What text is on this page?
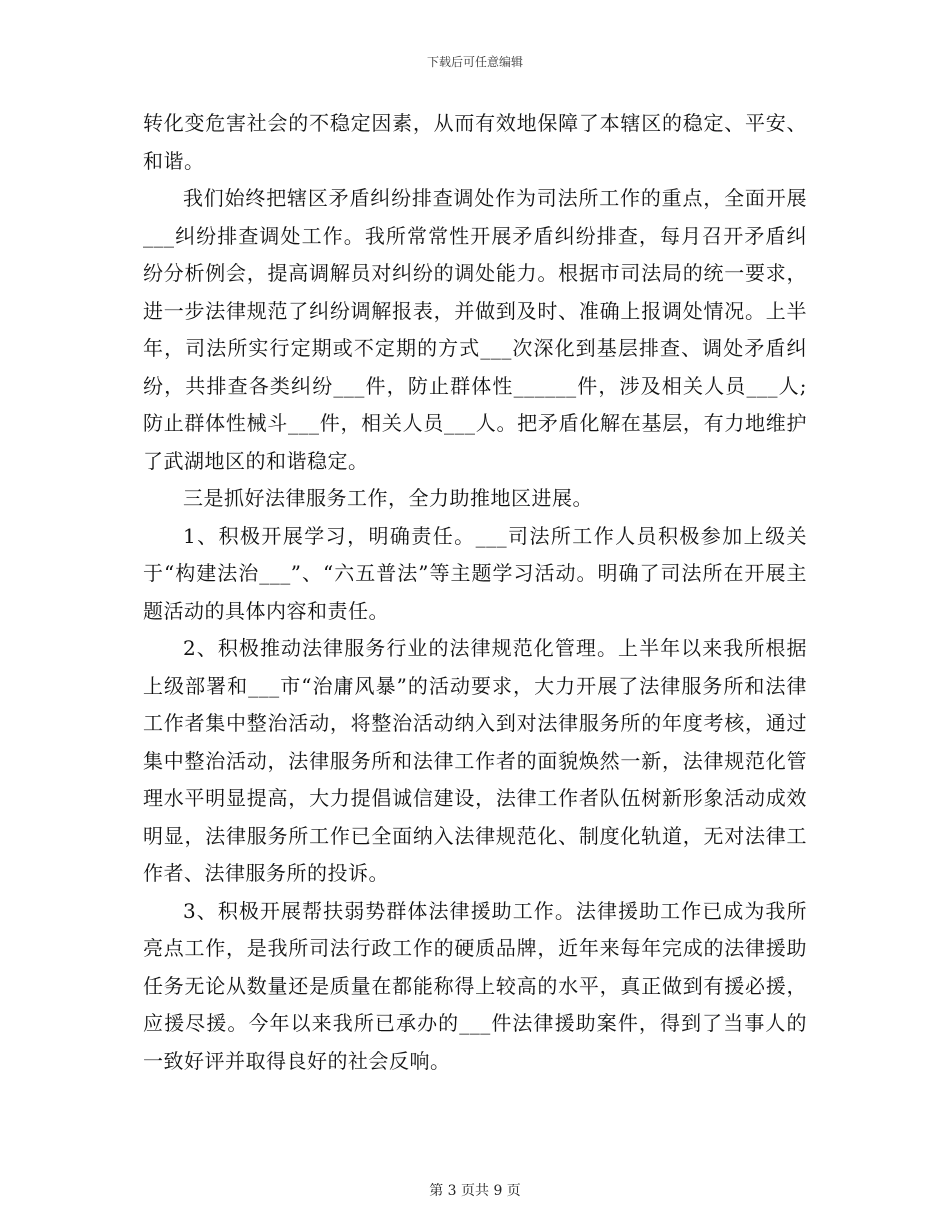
下载后可任意编辑

转化变危害社会的不稳定因素，从而有效地保障了本辖区的稳定、平安、和谐。

我们始终把辖区矛盾纠纷排查调处作为司法所工作的重点，全面开展___纠纷排查调处工作。我所常常性开展矛盾纠纷排查，每月召开矛盾纠纷分析例会，提高调解员对纠纷的调处能力。根据市司法局的统一要求，进一步法律规范了纠纷调解报表，并做到及时、准确上报调处情况。上半年，司法所实行定期或不定期的方式___次深化到基层排查、调处矛盾纠纷，共排查各类纠纷___件，防止群体性______件，涉及相关人员___人;防止群体性械斗___件，相关人员___人。把矛盾化解在基层，有力地维护了武湖地区的和谐稳定。

三是抓好法律服务工作，全力助推地区进展。

1、积极开展学习，明确责任。___司法所工作人员积极参加上级关于“构建法治___”、“六五普法”等主题学习活动。明确了司法所在开展主题活动的具体内容和责任。

2、积极推动法律服务行业的法律规范化管理。上半年以来我所根据上级部署和___市“治庸风暴”的活动要求，大力开展了法律服务所和法律工作者集中整治活动，将整治活动纳入到对法律服务所的年度考核，通过集中整治活动，法律服务所和法律工作者的面貌焕然一新，法律规范化管理水平明显提高，大力提倡诚信建设，法律工作者队伍树新形象活动成效明显，法律服务所工作已全面纳入法律规范化、制度化轨道，无对法律工作者、法律服务所的投诉。

3、积极开展帮扶弱势群体法律援助工作。法律援助工作已成为我所亮点工作，是我所司法行政工作的硬质品牌，近年来每年完成的法律援助任务无论从数量还是质量在都能称得上较高的水平，真正做到有援必援，应援尽援。今年以来我所已承办的___件法律援助案件，得到了当事人的一致好评并取得良好的社会反响。

第 3 页共 9 页
